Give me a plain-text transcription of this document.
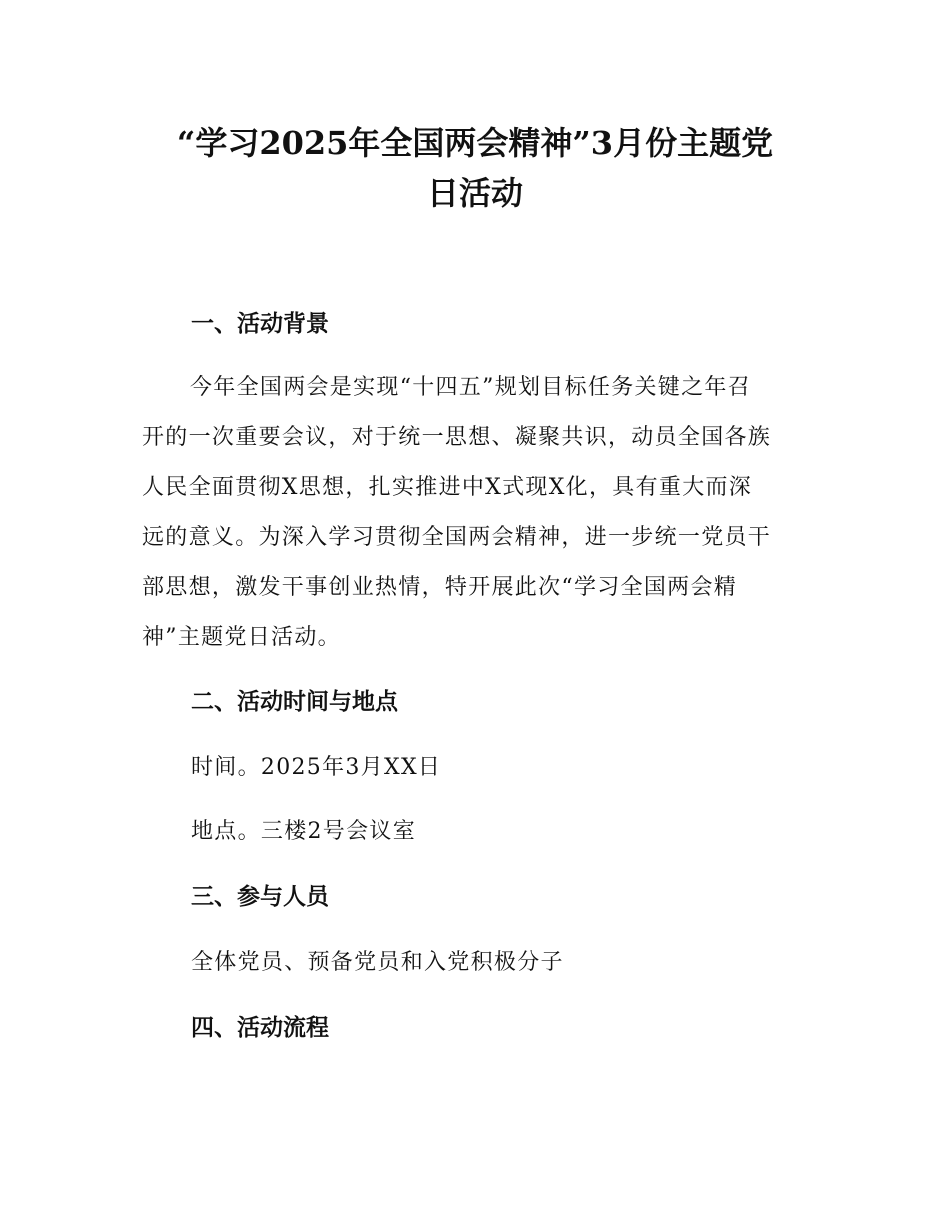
“学习2025年全国两会精神”3月份主题党
日活动
一、活动背景
今年全国两会是实现“十四五”规划目标任务关键之年召
开的一次重要会议，对于统一思想、凝聚共识，动员全国各族
人民全面贯彻X思想，扎实推进中X式现X化，具有重大而深
远的意义。为深入学习贯彻全国两会精神，进一步统一党员干
部思想，激发干事创业热情，特开展此次“学习全国两会精
神”主题党日活动。
二、活动时间与地点
时间。2025年3月XX日
地点。三楼2号会议室
三、参与人员
全体党员、预备党员和入党积极分子
四、活动流程
